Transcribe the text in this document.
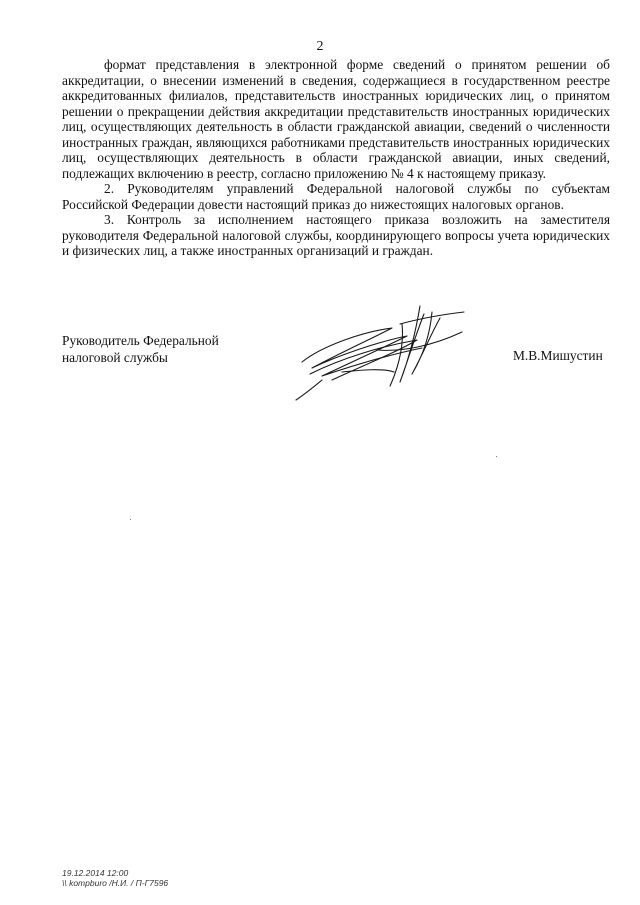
2

формат представления в электронной форме сведений о принятом решении об аккредитации, о внесении изменений в сведения, содержащиеся в государственном реестре аккредитованных филиалов, представительств иностранных юридических лиц, о принятом решении о прекращении действия аккредитации представительств иностранных юридических лиц, осуществляющих деятельность в области гражданской авиации, сведений о численности иностранных граждан, являющихся работниками представительств иностранных юридических лиц, осуществляющих деятельность в области гражданской авиации, иных сведений, подлежащих включению в реестр, согласно приложению № 4 к настоящему приказу.

2. Руководителям управлений Федеральной налоговой службы по субъектам Российской Федерации довести настоящий приказ до нижестоящих налоговых органов.

3. Контроль за исполнением настоящего приказа возложить на заместителя руководителя Федеральной налоговой службы, координирующего вопросы учета юридических и физических лиц, а также иностранных организаций и граждан.

Руководитель Федеральной
налоговой службы	М.В.Мишустин
19.12.2014 12:00
\\ kompburo /Н.И. / П-Г7596
